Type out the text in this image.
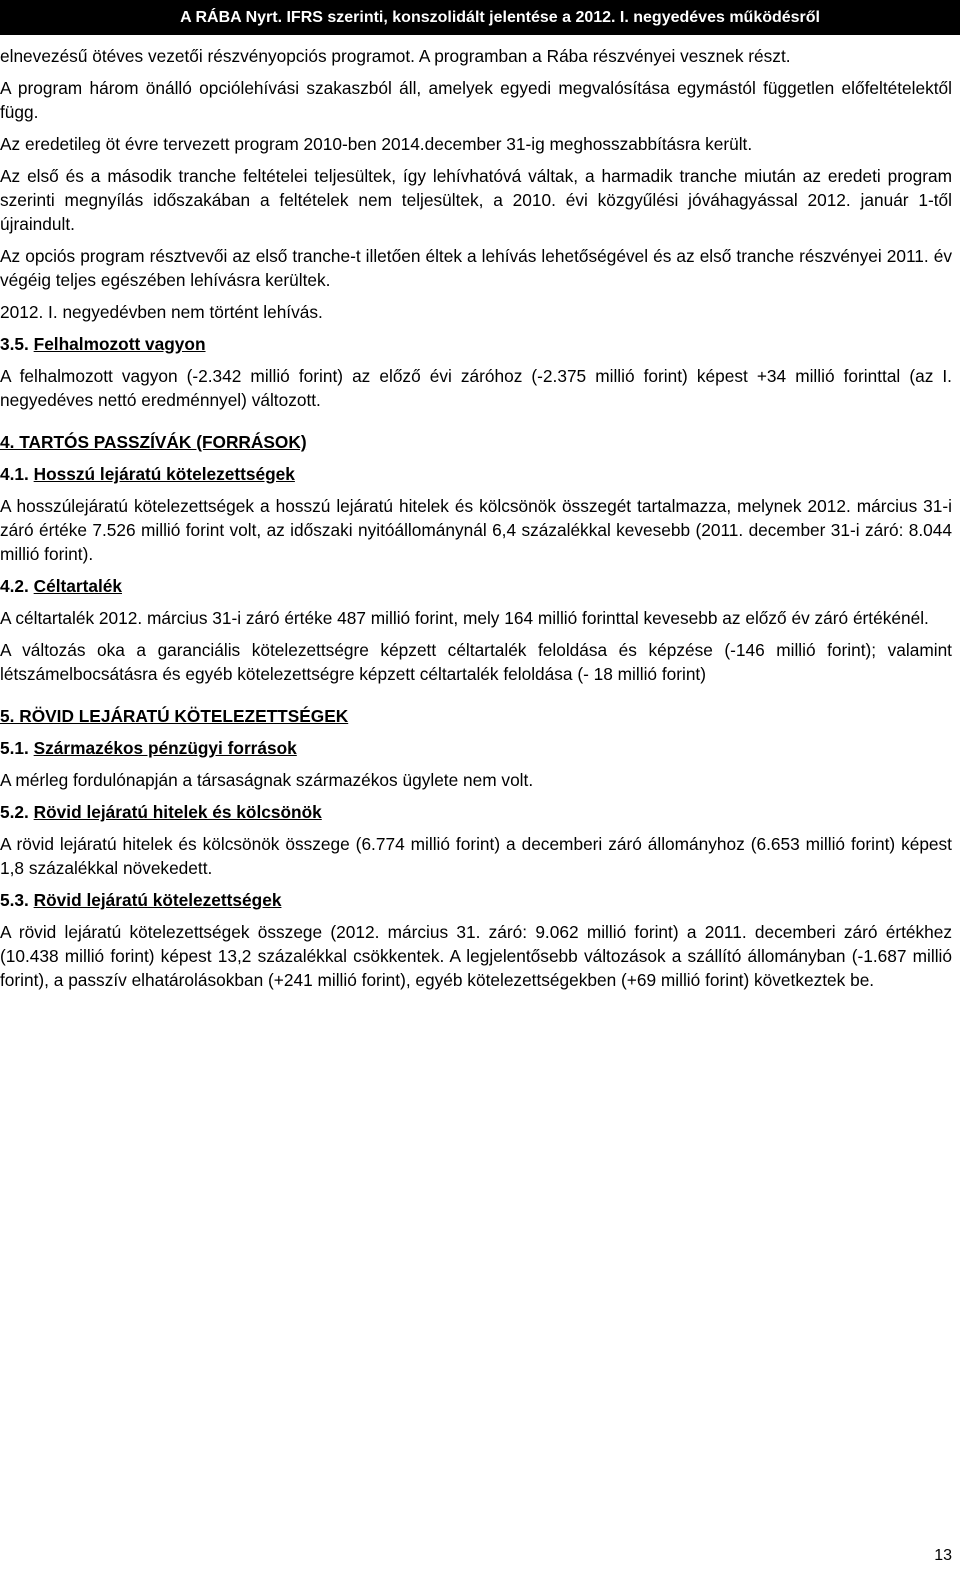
A RÁBA Nyrt. IFRS szerinti, konszolidált jelentése a 2012. I. negyedéves működésről

elnevezésű ötéves vezetői részvényopciós programot. A programban a Rába részvényei vesznek részt.

A program három önálló opciólehívási szakaszból áll, amelyek egyedi megvalósítása egymástól független előfeltételektől függ.

Az eredetileg öt évre tervezett program 2010-ben 2014.december 31-ig meghosszabbításra került.

Az első és a második tranche feltételei teljesültek, így lehívhatóvá váltak, a harmadik tranche miután az eredeti program szerinti megnyílás időszakában a feltételek nem teljesültek, a 2010. évi közgyűlési jóváhagyással 2012. január 1-től újraindult.

Az opciós program résztvevői az első tranche-t illetően éltek a lehívás lehetőségével és az első tranche részvényei 2011. év végéig teljes egészében lehívásra kerültek.

2012. I. negyedévben nem történt lehívás.

3.5. Felhalmozott vagyon

A felhalmozott vagyon (-2.342 millió forint) az előző évi záróhoz (-2.375 millió forint) képest +34 millió forinttal (az I. negyedéves nettó eredménnyel) változott.

4. TARTÓS PASSZÍVÁK (FORRÁSOK)
4.1. Hosszú lejáratú kötelezettségek

A hosszúlejáratú kötelezettségek a hosszú lejáratú hitelek és kölcsönök összegét tartalmazza, melynek 2012. március 31-i záró értéke 7.526 millió forint volt, az időszaki nyitóállománynál 6,4 százalékkal kevesebb (2011. december 31-i záró: 8.044 millió forint).

4.2. Céltartalék

A céltartalék 2012. március 31-i záró értéke 487 millió forint, mely 164 millió forinttal kevesebb az előző év záró értékénél.

A változás oka a garanciális kötelezettségre képzett céltartalék feloldása és képzése (-146 millió forint); valamint létszámelbocsátásra és egyéb kötelezettségre képzett céltartalék feloldása (- 18 millió forint)

5. RÖVID LEJÁRATÚ KÖTELEZETTSÉGEK
5.1. Származékos pénzügyi források

A mérleg fordulónapján a társaságnak származékos ügylete nem volt.

5.2. Rövid lejáratú hitelek és kölcsönök

A rövid lejáratú hitelek és kölcsönök összege (6.774 millió forint) a decemberi záró állományhoz (6.653 millió forint) képest 1,8 százalékkal növekedett.

5.3. Rövid lejáratú kötelezettségek

A rövid lejáratú kötelezettségek összege (2012. március 31. záró: 9.062 millió forint) a 2011. decemberi záró értékhez (10.438 millió forint) képest 13,2 százalékkal csökkentek. A legjelentősebb változások a szállító állományban (-1.687 millió forint), a passzív elhatárolásokban (+241 millió forint), egyéb kötelezettségekben (+69 millió forint) következtek be.

13
